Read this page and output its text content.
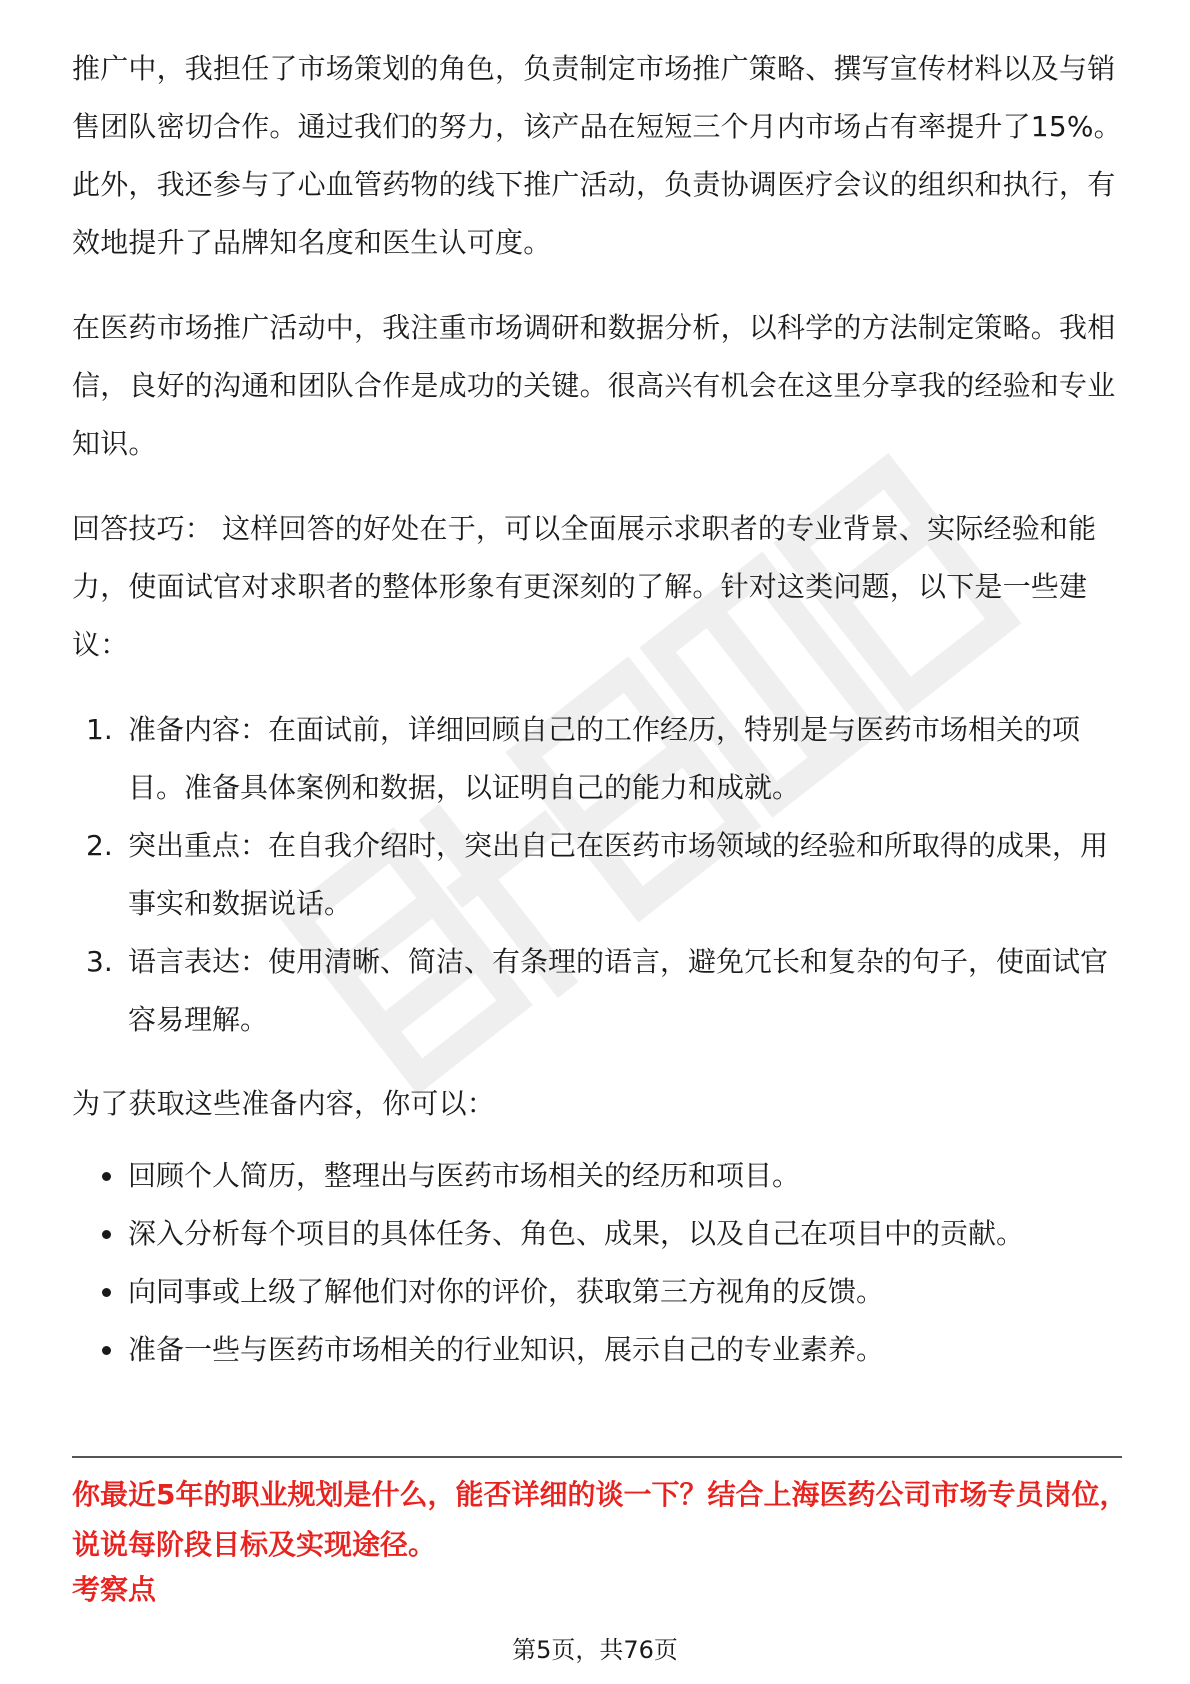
推广中，我担任了市场策划的角色，负责制定市场推广策略、撰写宣传材料以及与销售团队密切合作。通过我们的努力，该产品在短短三个月内市场占有率提升了15%。此外，我还参与了心血管药物的线下推广活动，负责协调医疗会议的组织和执行，有效地提升了品牌知名度和医生认可度。

在医药市场推广活动中，我注重市场调研和数据分析，以科学的方法制定策略。我相信，良好的沟通和团队合作是成功的关键。很高兴有机会在这里分享我的经验和专业知识。

回答技巧： 这样回答的好处在于，可以全面展示求职者的专业背景、实际经验和能力，使面试官对求职者的整体形象有更深刻的了解。针对这类问题，以下是一些建议：

1. 准备内容：在面试前，详细回顾自己的工作经历，特别是与医药市场相关的项目。准备具体案例和数据，以证明自己的能力和成就。
2. 突出重点：在自我介绍时，突出自己在医药市场领域的经验和所取得的成果，用事实和数据说话。
3. 语言表达：使用清晰、简洁、有条理的语言，避免冗长和复杂的句子，使面试官容易理解。

为了获取这些准备内容，你可以：

回顾个人简历，整理出与医药市场相关的经历和项目。
深入分析每个项目的具体任务、角色、成果，以及自己在项目中的贡献。
向同事或上级了解他们对你的评价，获取第三方视角的反馈。
准备一些与医药市场相关的行业知识，展示自己的专业素养。

你最近5年的职业规划是什么，能否详细的谈一下？结合上海医药公司市场专员岗位，说说每阶段目标及实现途径。

考察点

第5页，共76页
